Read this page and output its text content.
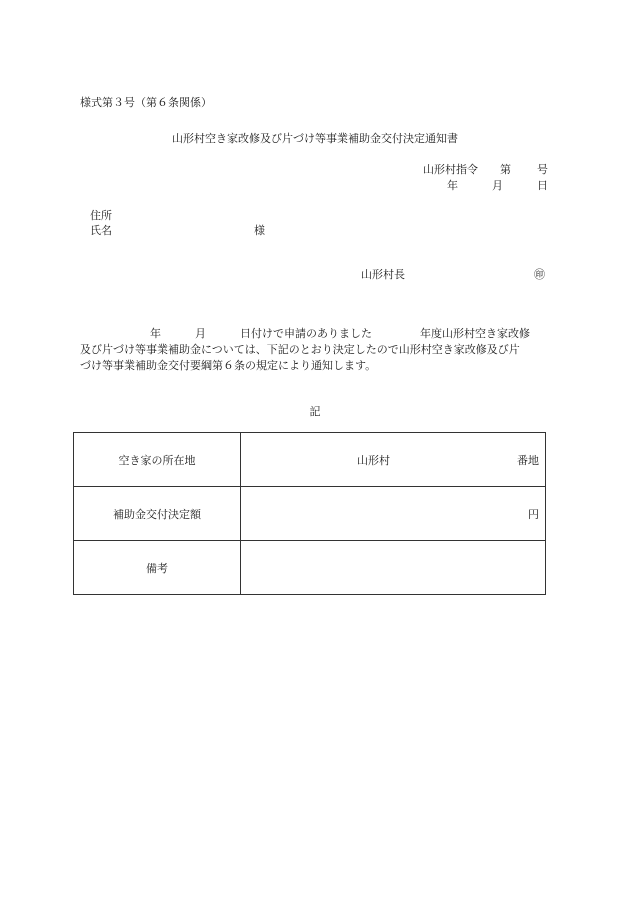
様式第３号（第６条関係）
山形村空き家改修及び片づけ等事業補助金交付決定通知書
山形村指令 第 号
年	月	日
住所
氏名	様
山形村長	㊞
年	月	日付けで申請のありました	年度山形村空き家改修
及び片づけ等事業補助金については、下記のとおり決定したので山形村空き家改修及び片
づけ等事業補助金交付要綱第６条の規定により通知します。
記
空き家の所在地	山形村 番地

補助金交付決定額	円

備考	
